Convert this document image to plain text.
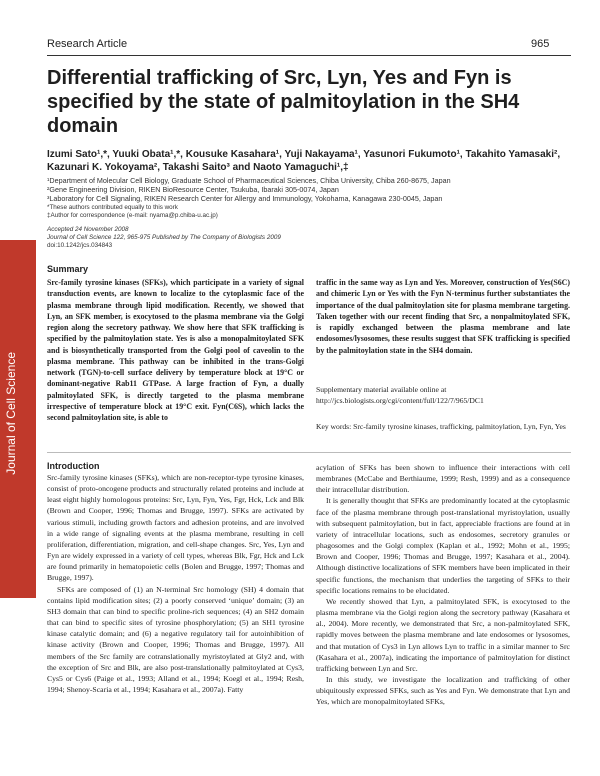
Research Article	965
Journal of Cell Science
Differential trafficking of Src, Lyn, Yes and Fyn is specified by the state of palmitoylation in the SH4 domain
Izumi Sato¹,*, Yuuki Obata¹,*, Kousuke Kasahara¹, Yuji Nakayama¹, Yasunori Fukumoto¹, Takahito Yamasaki², Kazunari K. Yokoyama², Takashi Saito³ and Naoto Yamaguchi¹,‡
¹Department of Molecular Cell Biology, Graduate School of Pharmaceutical Sciences, Chiba University, Chiba 260-8675, Japan
²Gene Engineering Division, RIKEN BioResource Center, Tsukuba, Ibaraki 305-0074, Japan
³Laboratory for Cell Signaling, RIKEN Research Center for Allergy and Immunology, Yokohama, Kanagawa 230-0045, Japan
*These authors contributed equally to this work
‡Author for correspondence (e-mail: nyama@p.chiba-u.ac.jp)
Accepted 24 November 2008
Journal of Cell Science 122, 965-975 Published by The Company of Biologists 2009
doi:10.1242/jcs.034843
Summary
Src-family tyrosine kinases (SFKs), which participate in a variety of signal transduction events, are known to localize to the cytoplasmic face of the plasma membrane through lipid modification. Recently, we showed that Lyn, an SFK member, is exocytosed to the plasma membrane via the Golgi region along the secretory pathway. We show here that SFK trafficking is specified by the palmitoylation state. Yes is also a monopalmitoylated SFK and is biosynthetically transported from the Golgi pool of caveolin to the plasma membrane. This pathway can be inhibited in the trans-Golgi network (TGN)-to-cell surface delivery by temperature block at 19°C or dominant-negative Rab11 GTPase. A large fraction of Fyn, a dually palmitoylated SFK, is directly targeted to the plasma membrane irrespective of temperature block at 19°C exit. Fyn(C6S), which lacks the second palmitoylation site, is able to
traffic in the same way as Lyn and Yes. Moreover, construction of Yes(S6C) and chimeric Lyn or Yes with the Fyn N-terminus further substantiates the importance of the dual palmitoylation site for plasma membrane targeting. Taken together with our recent finding that Src, a nonpalmitoylated SFK, is rapidly exchanged between the plasma membrane and late endosomes/lysosomes, these results suggest that SFK trafficking is specified by the palmitoylation state in the SH4 domain.
Supplementary material available online at http://jcs.biologists.org/cgi/content/full/122/7/965/DC1
Key words: Src-family tyrosine kinases, trafficking, palmitoylation, Lyn, Fyn, Yes
Introduction

Src-family tyrosine kinases (SFKs), which are non-receptor-type tyrosine kinases, consist of proto-oncogene products and structurally related proteins and include at least eight highly homologous proteins: Src, Lyn, Fyn, Yes, Fgr, Hck, Lck and Blk (Brown and Cooper, 1996; Thomas and Brugge, 1997). SFKs are activated by various stimuli, including growth factors and adhesion proteins, and are involved in a wide range of signaling events at the plasma membrane, resulting in cell proliferation, differentiation, migration, and cell-shape changes. Src, Yes, Lyn and Fyn are widely expressed in a variety of cell types, whereas Blk, Fgr, Hck and Lck are found primarily in hematopoietic cells (Bolen and Brugge, 1997; Thomas and Brugge, 1997).

SFKs are composed of (1) an N-terminal Src homology (SH) 4 domain that contains lipid modification sites; (2) a poorly conserved ‘unique’ domain; (3) an SH3 domain that can bind to specific proline-rich sequences; (4) an SH2 domain that can bind to specific sites of tyrosine phosphorylation; (5) an SH1 tyrosine kinase catalytic domain; and (6) a negative regulatory tail for autoinhibition of kinase activity (Brown and Cooper, 1996; Thomas and Brugge, 1997). All members of the Src family are cotranslationally myristoylated at Gly2 and, with the exception of Src and Blk, are also post-translationally palmitoylated at Cys3, Cys5 or Cys6 (Paige et al., 1993; Alland et al., 1994; Koegl et al., 1994; Resh, 1994; Shenoy-Scaria et al., 1994; Kasahara et al., 2007a). Fatty

acylation of SFKs has been shown to influence their interactions with cell membranes (McCabe and Berthiaume, 1999; Resh, 1999) and as a consequence their intracellular distribution.

It is generally thought that SFKs are predominantly located at the cytoplasmic face of the plasma membrane through post-translational myristoylation, usually with subsequent palmitoylation, but in fact, appreciable fractions are found at in variety of intracellular locations, such as endosomes, secretory granules or phagosomes and the Golgi complex (Kaplan et al., 1992; Mohn et al., 1995; Brown and Cooper, 1996; Thomas and Brugge, 1997; Kasahara et al., 2004). Although distinctive localizations of SFK members have been implicated in their specific functions, the mechanism that underlies the targeting of SFKs to their specific locations remains to be elucidated.

We recently showed that Lyn, a palmitoylated SFK, is exocytosed to the plasma membrane via the Golgi region along the secretory pathway (Kasahara et al., 2004). More recently, we demonstrated that Src, a non-palmitoylated SFK, rapidly moves between the plasma membrane and late endosomes or lysosomes, and that mutation of Cys3 in Lyn allows Lyn to traffic in a similar manner to Src (Kasahara et al., 2007a), indicating the importance of palmitoylation for distinct trafficking between Lyn and Src.

In this study, we investigate the localization and trafficking of other ubiquitously expressed SFKs, such as Yes and Fyn. We demonstrate that Lyn and Yes, which are monopalmitoylated SFKs,
